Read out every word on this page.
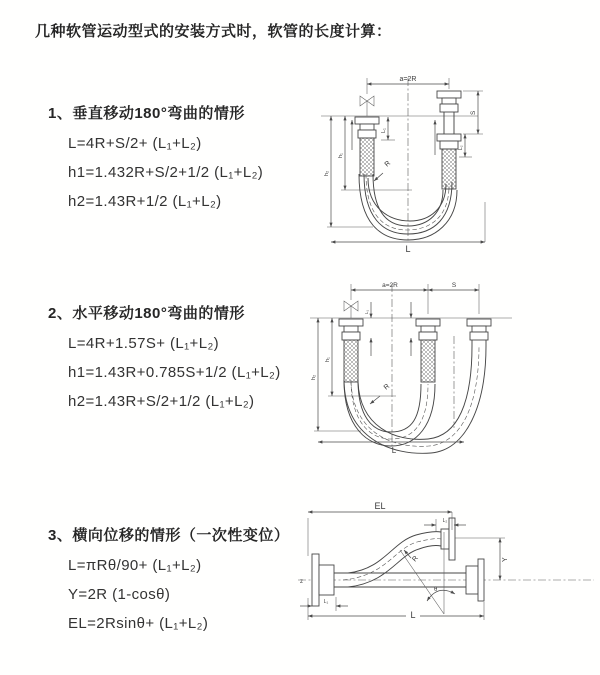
几种软管运动型式的安装方式时，软管的长度计算：
1、垂直移动180°弯曲的情形
L=4R+S/2+ (L₁+L₂)
h1=1.432R+S/2+1/2 (L₁+L₂)
h2=1.43R+1/2 (L₁+L₂)
a=2R
L₁
S
L₂
h₁
h₂
R
L
2、水平移动180°弯曲的情形
L=4R+1.57S+ (L₁+L₂)
h1=1.43R+0.785S+1/2 (L₁+L₂)
h2=1.43R+S/2+1/2 (L₁+L₂)
a=2R	S
L₁
h₁
h₂
R
L
3、横向位移的情形（一次性变位）
L=πRθ/90+ (L₁+L₂)
Y=2R (1-cosθ)
EL=2Rsinθ+ (L₁+L₂)
z
EL
L₂
Y
R
θ
L₁
L
